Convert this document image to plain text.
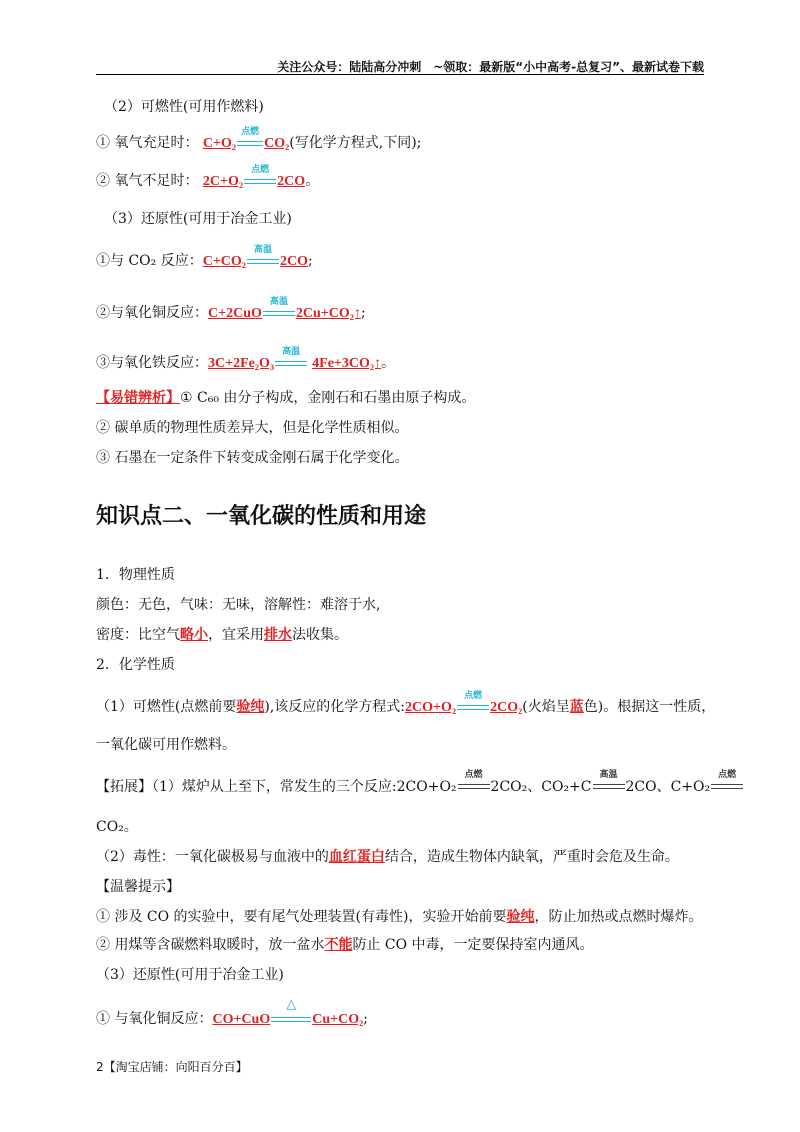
关注公众号：陆陆高分冲刺　~领取：最新版“小中高考-总复习”、最新试卷下载
（2）可燃性(可用作燃料)
① 氧气充足时： C+O₂
点燃
CO₂(写化学方程式,下同);
② 氧气不足时： 2C+O₂
点燃
2CO。
（3）还原性(可用于冶金工业)
①与 CO₂ 反应：C+CO₂
高温
2CO;
②与氧化铜反应：C+2CuO
高温
2Cu+CO₂↑;
③与氧化铁反应：3C+2Fe₂O₃
高温
4Fe+3CO₂↑。
【易错辨析】① C₆₀ 由分子构成，金刚石和石墨由原子构成。
② 碳单质的物理性质差异大，但是化学性质相似。
③ 石墨在一定条件下转变成金刚石属于化学变化。
知识点二、一氧化碳的性质和用途
1．物理性质
颜色：无色，气味：无味，溶解性：难溶于水,
密度：比空气略小，宜采用排水法收集。
2．化学性质
（1）可燃性(点燃前要验纯),该反应的化学方程式:2CO+O₂
点燃
2CO₂(火焰呈蓝色)。根据这一性质，
一氧化碳可用作燃料。
【拓展】（1）煤炉从上至下，常发生的三个反应:2CO+O₂
点燃
2CO₂、CO₂+C
高温
2CO、C+O₂
点燃
CO₂。
（2）毒性：一氧化碳极易与血液中的血红蛋白结合，造成生物体内缺氧，严重时会危及生命。
【温馨提示】
① 涉及 CO 的实验中，要有尾气处理装置(有毒性)，实验开始前要验纯，防止加热或点燃时爆炸。
② 用煤等含碳燃料取暖时，放一盆水不能防止 CO 中毒，一定要保持室内通风。
（3）还原性(可用于冶金工业)
① 与氧化铜反应：CO+CuO
△
Cu+CO₂;
2【淘宝店铺：向阳百分百】
